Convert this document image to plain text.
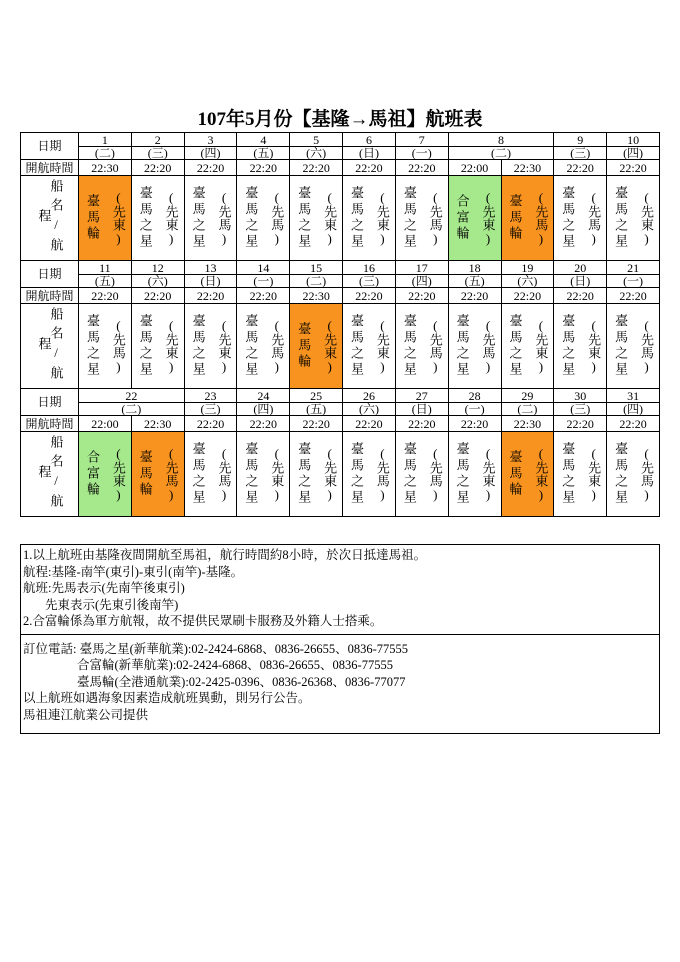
107年5月份【基隆→馬祖】航班表
日期	1	2	3	4	5	6	7	8		9	10
	(二)	(三)	(四)	(五)	(六)	(日)	(一)	(二)		(三)	(四)
開航時間	22:30	22:20	22:20	22:20	22:20	22:20	22:20	22:00	22:30	22:20	22:20

船名/航程	臺馬輪 (先東)	臺馬之星 (先東)	臺馬之星 (先馬)	臺馬之星 (先馬)	臺馬之星 (先東)	臺馬之星 (先東)	臺馬之星 (先馬)	合富輪 (先東)	臺馬輪 (先馬)	臺馬之星 (先馬)	臺馬之星 (先東)

日期	11	12	13	14	15	16	17	18	19	20	21
	(五)	(六)	(日)	(一)	(二)	(三)	(四)	(五)	(六)	(日)	(一)
開航時間	22:20	22:20	22:20	22:20	22:30	22:20	22:20	22:20	22:20	22:20	22:20

船名/航程	臺馬之星 (先馬)	臺馬之星 (先東)	臺馬之星 (先東)	臺馬之星 (先馬)	臺馬輪 (先東)	臺馬之星 (先東)	臺馬之星 (先馬)	臺馬之星 (先馬)	臺馬之星 (先東)	臺馬之星 (先東)	臺馬之星 (先馬)

日期	22		23	24	25	26	27	28	29	30	31
	(二)		(三)	(四)	(五)	(六)	(日)	(一)	(二)	(三)	(四)
開航時間	22:00	22:30	22:20	22:20	22:20	22:20	22:20	22:20	22:30	22:20	22:20

船名/航程	合富輪 (先東)	臺馬輪 (先馬)	臺馬之星 (先馬)	臺馬之星 (先東)	臺馬之星 (先東)	臺馬之星 (先馬)	臺馬之星 (先馬)	臺馬之星 (先東)	臺馬輪 (先東)	臺馬之星 (先東)	臺馬之星 (先馬)
1.以上航班由基隆夜間開航至馬祖，航行時間約8小時，於次日抵達馬祖。
航程:基隆-南竿(東引)-東引(南竿)-基隆。
航班:先馬表示(先南竿後東引)
先東表示(先東引後南竿)
2.合富輪係為軍方航報，故不提供民眾刷卡服務及外籍人士搭乘。
訂位電話: 臺馬之星(新華航業):02-2424-6868、0836-26655、0836-77555
合富輪(新華航業):02-2424-6868、0836-26655、0836-77555
臺馬輪(全港通航業):02-2425-0396、0836-26368、0836-77077
以上航班如遇海象因素造成航班異動，則另行公告。
馬祖連江航業公司提供
